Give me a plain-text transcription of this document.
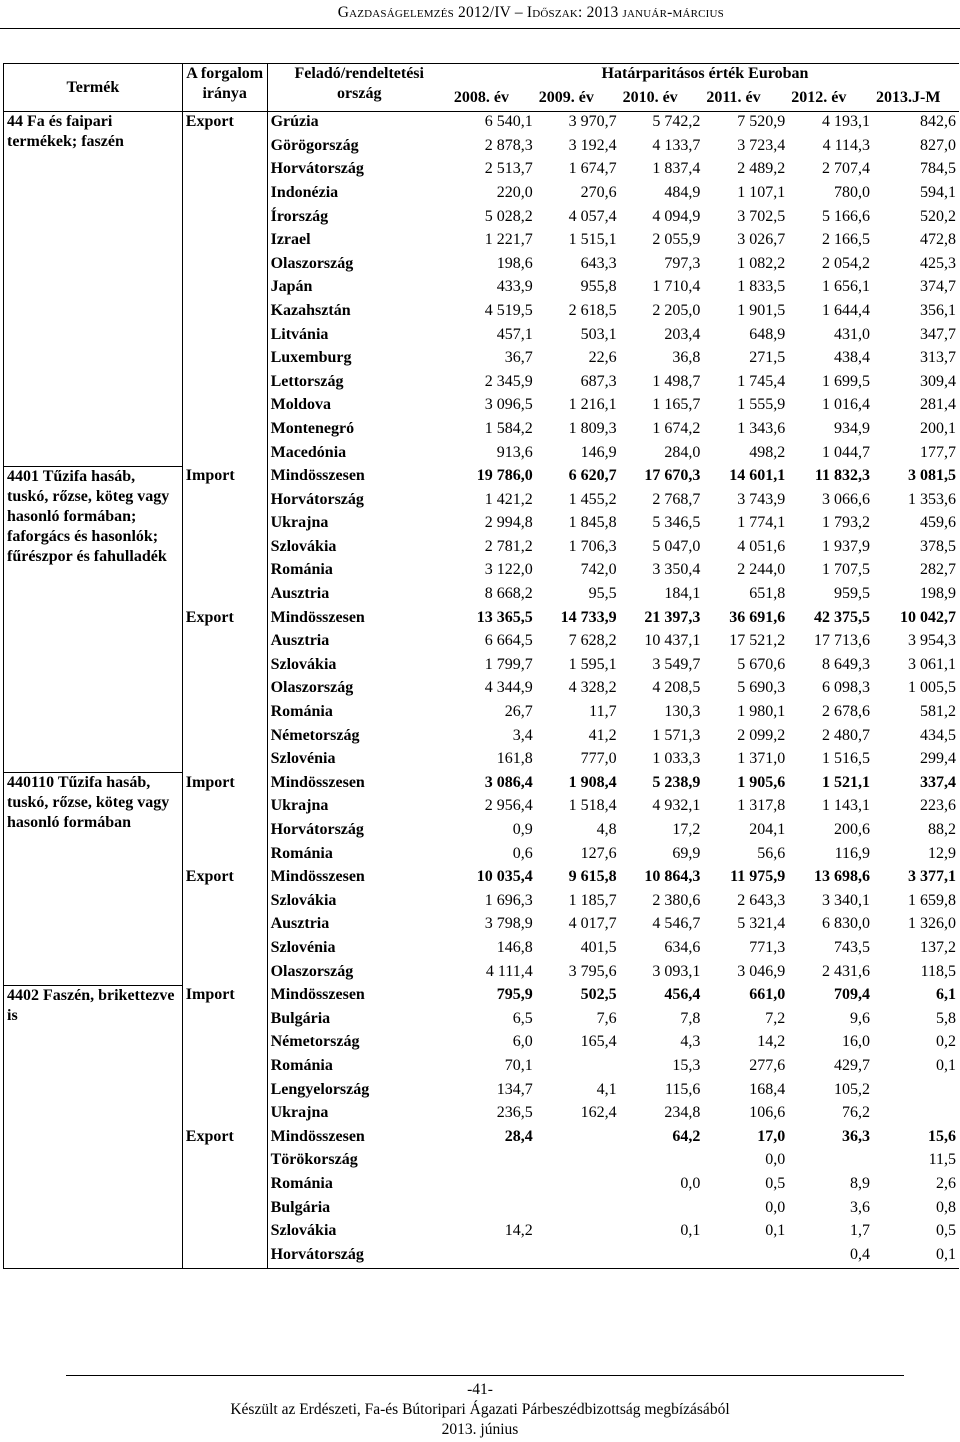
Gazdaságelemzés 2012/IV – Időszak: 2013 január-március
Termék	A forgalom iránya	Feladó/rendeltetési ország	Határparitásos érték Euroban					
			2008. év	2009. év	2010. év	2011. év	2012. év	2013.J-M
44 Fa és faipari termékek; faszén	Export	Grúzia	6 540,1	3 970,7	5 742,2	7 520,9	4 193,1	842,6
		Görögország	2 878,3	3 192,4	4 133,7	3 723,4	4 114,3	827,0
		Horvátország	2 513,7	1 674,7	1 837,4	2 489,2	2 707,4	784,5
		Indonézia	220,0	270,6	484,9	1 107,1	780,0	594,1
		Írország	5 028,2	4 057,4	4 094,9	3 702,5	5 166,6	520,2
		Izrael	1 221,7	1 515,1	2 055,9	3 026,7	2 166,5	472,8
		Olaszország	198,6	643,3	797,3	1 082,2	2 054,2	425,3
		Japán	433,9	955,8	1 710,4	1 833,5	1 656,1	374,7
		Kazahsztán	4 519,5	2 618,5	2 205,0	1 901,5	1 644,4	356,1
		Litvánia	457,1	503,1	203,4	648,9	431,0	347,7
		Luxemburg	36,7	22,6	36,8	271,5	438,4	313,7
		Lettország	2 345,9	687,3	1 498,7	1 745,4	1 699,5	309,4
		Moldova	3 096,5	1 216,1	1 165,7	1 555,9	1 016,4	281,4
		Montenegró	1 584,2	1 809,3	1 674,2	1 343,6	934,9	200,1
		Macedónia	913,6	146,9	284,0	498,2	1 044,7	177,7
4401 Tűzifa hasáb, tuskó, rőzse, köteg vagy hasonló formában; faforgács és hasonlók; fűrészpor és fahulladék	Import	Mindösszesen	19 786,0	6 620,7	17 670,3	14 601,1	11 832,3	3 081,5
		Horvátország	1 421,2	1 455,2	2 768,7	3 743,9	3 066,6	1 353,6
		Ukrajna	2 994,8	1 845,8	5 346,5	1 774,1	1 793,2	459,6
		Szlovákia	2 781,2	1 706,3	5 047,0	4 051,6	1 937,9	378,5
		Románia	3 122,0	742,0	3 350,4	2 244,0	1 707,5	282,7
		Ausztria	8 668,2	95,5	184,1	651,8	959,5	198,9
	Export	Mindösszesen	13 365,5	14 733,9	21 397,3	36 691,6	42 375,5	10 042,7
		Ausztria	6 664,5	7 628,2	10 437,1	17 521,2	17 713,6	3 954,3
		Szlovákia	1 799,7	1 595,1	3 549,7	5 670,6	8 649,3	3 061,1
		Olaszország	4 344,9	4 328,2	4 208,5	5 690,3	6 098,3	1 005,5
		Románia	26,7	11,7	130,3	1 980,1	2 678,6	581,2
		Németország	3,4	41,2	1 571,3	2 099,2	2 480,7	434,5
		Szlovénia	161,8	777,0	1 033,3	1 371,0	1 516,5	299,4
440110 Tűzifa hasáb, tuskó, rőzse, köteg vagy hasonló formában	Import	Mindösszesen	3 086,4	1 908,4	5 238,9	1 905,6	1 521,1	337,4
		Ukrajna	2 956,4	1 518,4	4 932,1	1 317,8	1 143,1	223,6
		Horvátország	0,9	4,8	17,2	204,1	200,6	88,2
		Románia	0,6	127,6	69,9	56,6	116,9	12,9
	Export	Mindösszesen	10 035,4	9 615,8	10 864,3	11 975,9	13 698,6	3 377,1
		Szlovákia	1 696,3	1 185,7	2 380,6	2 643,3	3 340,1	1 659,8
		Ausztria	3 798,9	4 017,7	4 546,7	5 321,4	6 830,0	1 326,0
		Szlovénia	146,8	401,5	634,6	771,3	743,5	137,2
		Olaszország	4 111,4	3 795,6	3 093,1	3 046,9	2 431,6	118,5
4402 Faszén, brikettezve is	Import	Mindösszesen	795,9	502,5	456,4	661,0	709,4	6,1
		Bulgária	6,5	7,6	7,8	7,2	9,6	5,8
		Németország	6,0	165,4	4,3	14,2	16,0	0,2
		Románia	70,1		15,3	277,6	429,7	0,1
		Lengyelország	134,7	4,1	115,6	168,4	105,2	
		Ukrajna	236,5	162,4	234,8	106,6	76,2	
	Export	Mindösszesen	28,4		64,2	17,0	36,3	15,6
		Törökország				0,0		11,5
		Románia			0,0	0,5	8,9	2,6
		Bulgária				0,0	3,6	0,8
		Szlovákia	14,2		0,1	0,1	1,7	0,5
		Horvátország					0,4	0,1
-41-
Készült az Erdészeti, Fa-és Bútoripari Ágazati Párbeszédbizottság megbízásából
2013. június
